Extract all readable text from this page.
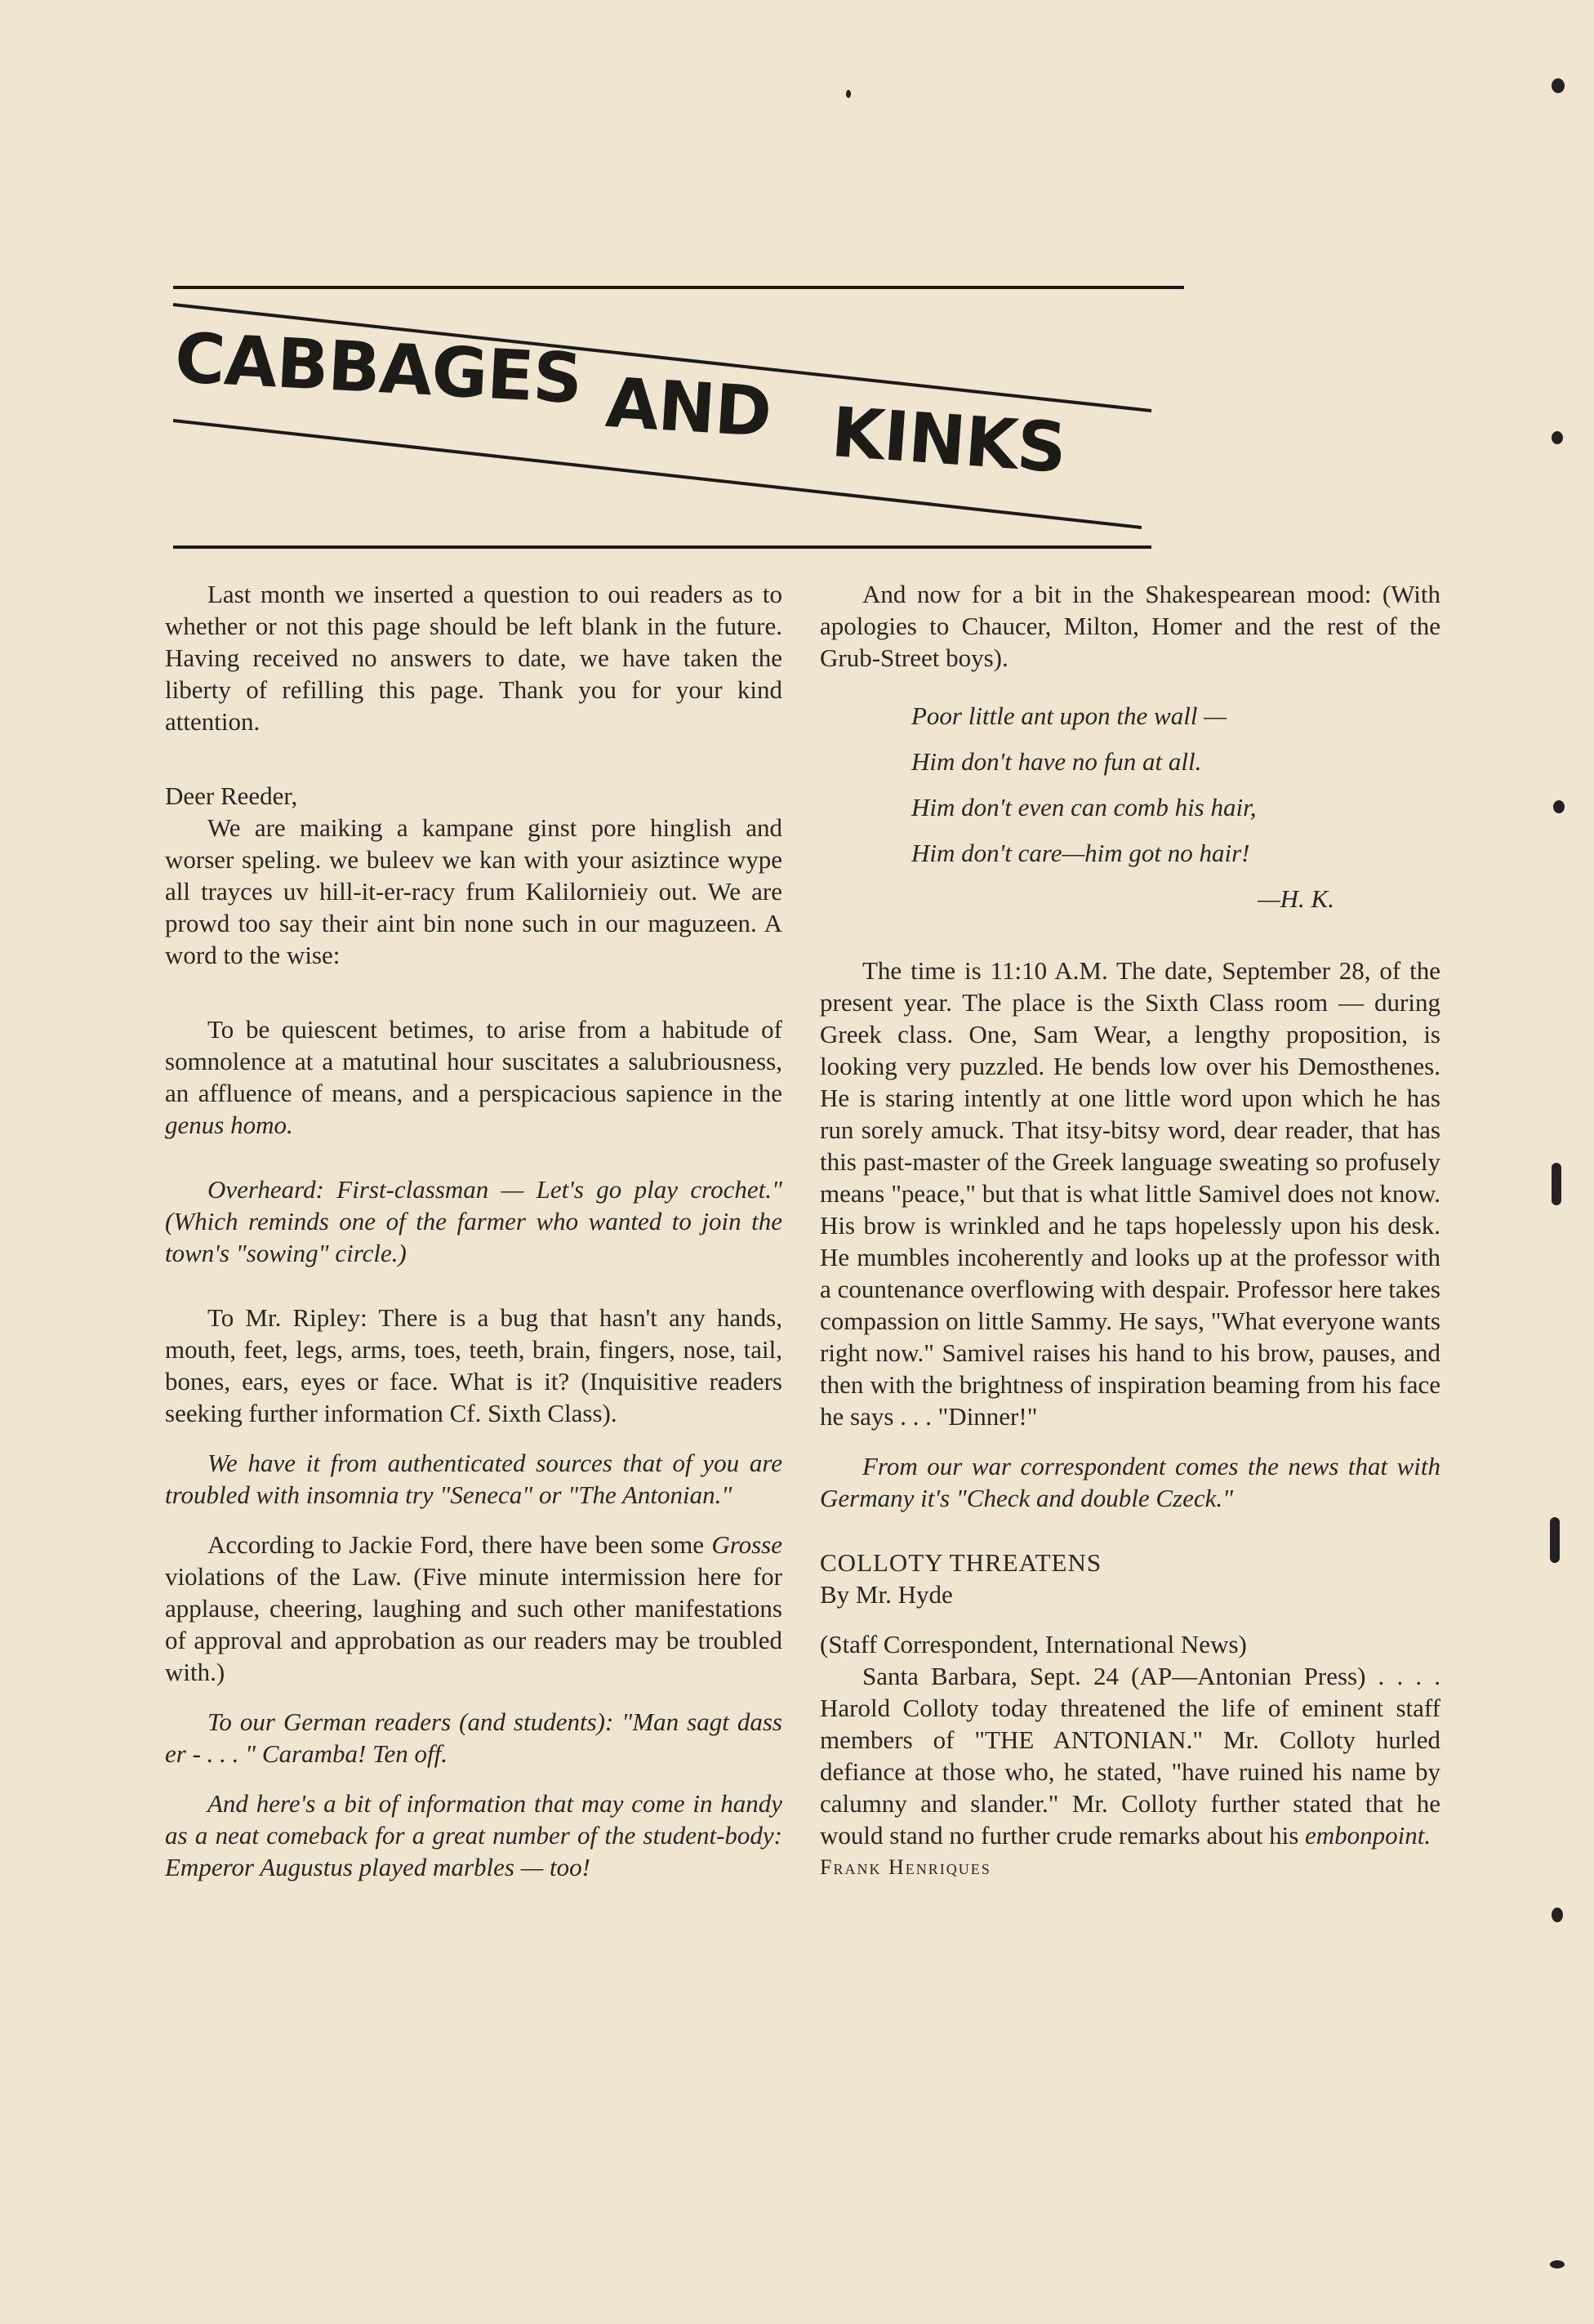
CABBAGES AND KINKS

Last month we inserted a question to oui readers as to whether or not this page should be left blank in the future. Having received no answers to date, we have taken the liberty of refilling this page. Thank you for your kind attention.

Deer Reeder,

We are maiking a kampane ginst pore hinglish and worser speling. we buleev we kan with your asiztince wype all trayces uv hill-it-er-racy frum Kalilornieiy out. We are prowd too say their aint bin none such in our maguzeen. A word to the wise:

To be quiescent betimes, to arise from a habitude of somnolence at a matutinal hour suscitates a salubriousness, an affluence of means, and a perspicacious sapience in the genus homo.

Overheard: First-classman — Let's go play crochet." (Which reminds one of the farmer who wanted to join the town's "sowing" circle.)

To Mr. Ripley: There is a bug that hasn't any hands, mouth, feet, legs, arms, toes, teeth, brain, fingers, nose, tail, bones, ears, eyes or face. What is it? (Inquisitive readers seeking further information Cf. Sixth Class).

We have it from authenticated sources that of you are troubled with insomnia try "Seneca" or "The Antonian."

According to Jackie Ford, there have been some Grosse violations of the Law. (Five minute intermission here for applause, cheering, laughing and such other manifestations of approval and approbation as our readers may be troubled with.)

To our German readers (and students): "Man sagt dass er - . . . " Caramba! Ten off.

And here's a bit of information that may come in handy as a neat comeback for a great number of the student-body: Emperor Augustus played marbles — too!

And now for a bit in the Shakespearean mood: (With apologies to Chaucer, Milton, Homer and the rest of the Grub-Street boys).

Poor little ant upon the wall —
Him don't have no fun at all.
Him don't even can comb his hair,
Him don't care—him got no hair!
—H. K.

The time is 11:10 A.M. The date, September 28, of the present year. The place is the Sixth Class room — during Greek class. One, Sam Wear, a lengthy proposition, is looking very puzzled. He bends low over his Demosthenes. He is staring intently at one little word upon which he has run sorely amuck. That itsy-bitsy word, dear reader, that has this past-master of the Greek language sweating so profusely means "peace," but that is what little Samivel does not know. His brow is wrinkled and he taps hopelessly upon his desk. He mumbles incoherently and looks up at the professor with a countenance overflowing with despair. Professor here takes compassion on little Sammy. He says, "What everyone wants right now." Samivel raises his hand to his brow, pauses, and then with the brightness of inspiration beaming from his face he says . . . "Dinner!"

From our war correspondent comes the news that with Germany it's "Check and double Czeck."

COLLOTY THREATENS

By Mr. Hyde

(Staff Correspondent, International News)

Santa Barbara, Sept. 24 (AP—Antonian Press) . . . . Harold Colloty today threatened the life of eminent staff members of "THE ANTONIAN." Mr. Colloty hurled defiance at those who, he stated, "have ruined his name by calumny and slander." Mr. Colloty further stated that he would stand no further crude remarks about his embonpoint.

Frank Henriques
